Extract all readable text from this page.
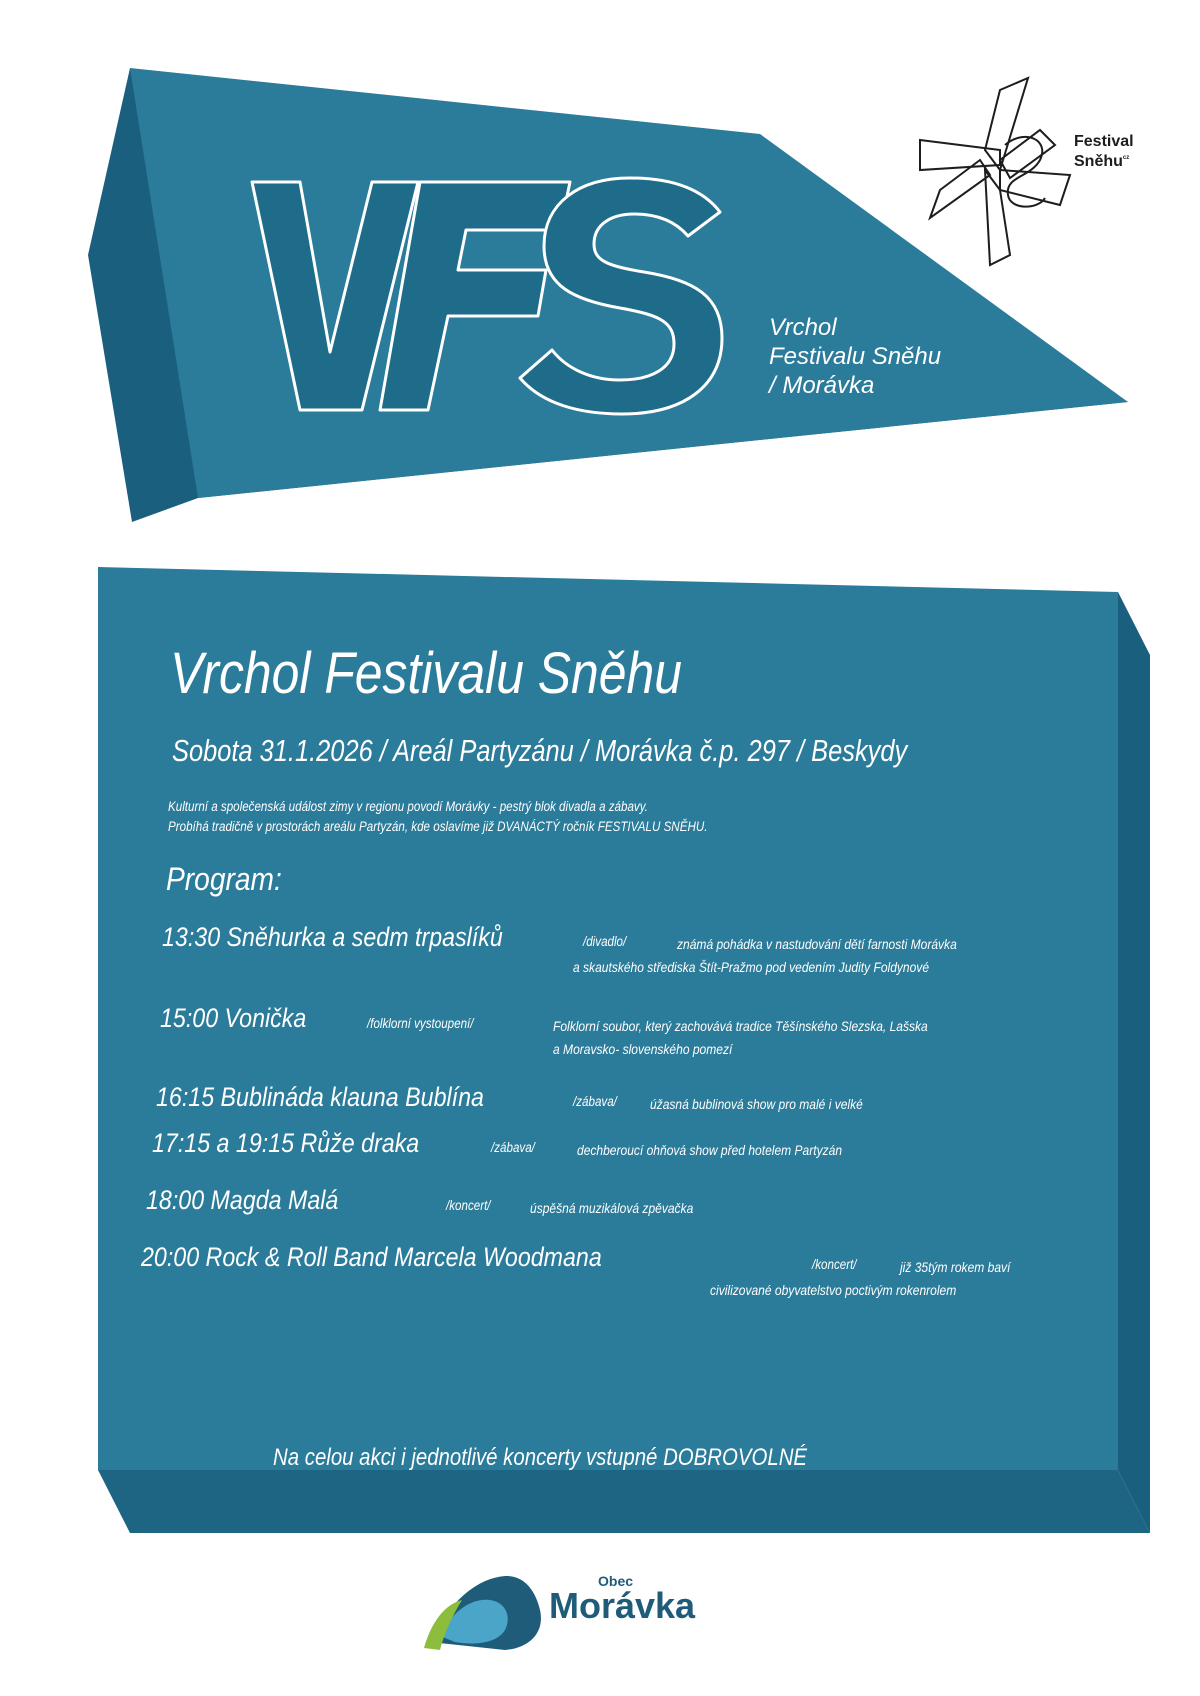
Vrchol
Festivalu Sněhu
/ Morávka
Festival
Sněhu$^{cz}$
Vrchol Festivalu Sněhu
Sobota 31.1.2026 / Areál Partyzánu / Morávka č.p. 297 / Beskydy
Kulturní a společenská událost zimy v regionu povodí Morávky - pestrý blok divadla a zábavy.
Probíhá tradičně v prostorách areálu Partyzán, kde oslavíme již DVANÁCTÝ ročník FESTIVALU SNĚHU.
Program:
13:30 Sněhurka a sedm trpaslíků	/divadlo/	známá pohádka v nastudování dětí farnosti Morávka
a skautského střediska Štít-Pražmo pod vedením Judity Foldynové
15:00 Vonička	/folklorní vystoupení/	Folklorní soubor, který zachovává tradice Těšínského Slezska, Lašska
a Moravsko- slovenského pomezí
16:15 Bublináda klauna Bublína	/zábava/ úžasná bublinová show pro malé i velké
17:15 a 19:15 Růže draka	/zábava/	dechberoucí ohňová show před hotelem Partyzán
18:00 Magda Malá	/koncert/	úspěšná muzikálová zpěvačka
20:00 Rock & Roll Band Marcela Woodmana	/koncert/	již 35tým rokem baví
civilizované obyvatelstvo poctivým rokenrolem
Na celou akci i jednotlivé koncerty vstupné DOBROVOLNÉ
Obec
Morávka
